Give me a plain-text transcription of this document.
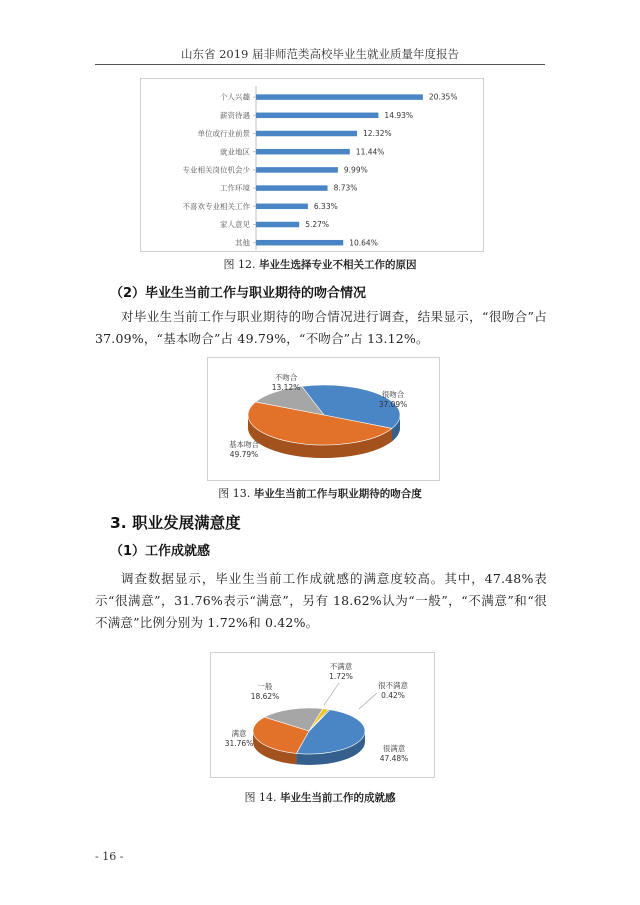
山东省 2019 届非师范类高校毕业生就业质量年度报告
个人兴趣	20.35%
薪资待遇	14.93%
单位或行业前景	12.32%
就业地区	11.44%
专业相关岗位机会少	9.99%
工作环境	8.73%
不喜欢专业相关工作	6.33%
家人意见	5.27%
其他	10.64%
图 12. 毕业生选择专业不相关工作的原因
（2）毕业生当前工作与职业期待的吻合情况
对毕业生当前工作与职业期待的吻合情况进行调查，结果显示，“很吻合”占 37.09%，“基本吻合”占 49.79%，“不吻合”占 13.12%。
很吻合
37.09%
基本吻合
49.79%
不吻合
13.12%
图 13. 毕业生当前工作与职业期待的吻合度
3. 职业发展满意度
（1）工作成就感
调查数据显示，毕业生当前工作成就感的满意度较高。其中，47.48%表示“很满意”，31.76%表示“满意”，另有 18.62%认为“一般”，“不满意”和“很不满意”比例分别为 1.72%和 0.42%。
很满意
47.48%
满意
31.76%
一般
18.62%
不满意
1.72%
很不满意
0.42%
图 14. 毕业生当前工作的成就感
- 16 -
